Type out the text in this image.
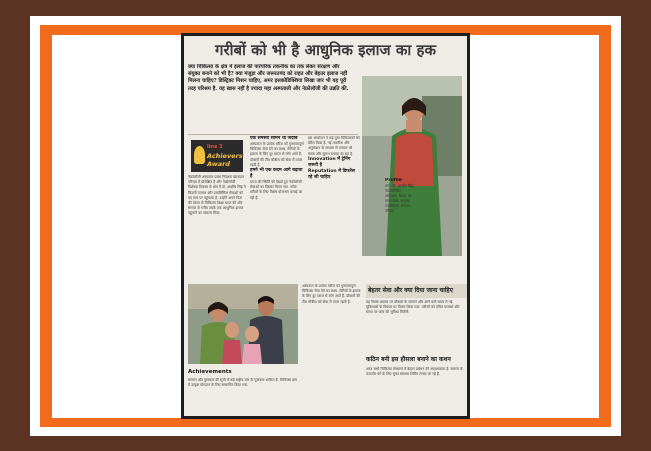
गरीबों को भी है आधुनिक इलाज का हक
क्या चिकित्सा के क्षेत्र में इलाज की पारंपरिक तकनीक का तक लेकर संरक्षण और संयुक्त बनाने को भी है? क्या मंजुड़ा और जरूरतमंद को राहत और बेहतर इलाज नहीं मिलना चाहिए? डिस्ट्रिक्ट मिशन चाहिए, अमर इसकोडिक्शिया लिखा जार भी यह पूरी तरह परिश्रम है. यह खास नहीं है ज्यादा महा अस्पताली और नेफ्रोलॉजी की उन्नति की.
line 3
Achievers'
Award
नेफ्रोलॉजी अस्पताल प्रबंध निदेशक खानदान परिचय में प्रशिक्षित हैं और नेफ्रोलॉजी विशेषज्ञ विकास के क्षेत्र में डॉ. आशीष सिंह ने किडनी उपचार और डायलिसिस सेवाओं को नए स्तर पर पहुंचाया है. उन्होंने अपने पिता की प्रेरणा से चिकित्सा शिक्षा प्राप्त की और समाज के गरीब तबके तक आधुनिक इलाज पहुंचाने का संकल्प लिया.
एक समस्या सामने थी जवाब
अस्पताल के प्रत्येक मरीज को गुणवत्तापूर्ण चिकित्सा सेवा देने का लक्ष्य. रोगियों के इलाज के लिए दूर दराज से लोग आते हैं. डॉक्टरों की टीम चौबीस घंटे सेवा में तत्पर रहती है.
हमने भी एक कदम आगे बढ़ाया है
राज्य की स्थिति को देखते हुए नेफ्रोलॉजी सेवाओं का विस्तार किया गया. गरीब मरीजों के लिए विशेष योजनाएं चलाई जा रही हैं.
इस आयोजन ने कई युवा चिकित्सकों को प्रेरित किया है. नई तकनीक और अनुसंधान के माध्यम से उपचार को सस्ता और सुलभ बनाया जा रहा है.
Innovation में ट्रेनिंग जरूरी है
Reputation में डिफरेंस रहे जी चाहिए
Profile
नाम: डॉ. आशीष सिंह, नेफ्रोलॉजिस्ट, अस्पताल, शिक्षा, डॉ. राममनोहर, अनुभव, उपलब्धियां, सम्मान, परिवार
बेहतर सेवा और क्या दिया जाना चाहिए
यह विशेष अवसर पर डॉक्टरों के सम्मान और आने वाले समय में नई सुविधाओं के विस्तार पर विचार किया गया. मरीजों को उचित परामर्श और समय पर जांच की सुविधा मिलेगी.
कठिन बनी इस हौसला बनाने का कथन
आज सभी चिकित्सा संस्थानों में बेहतर प्रबंधन की आवश्यकता है. समाज के कमजोर वर्ग के लिए मुफ्त स्वास्थ्य शिविर लगाए जा रहे हैं.
Achievements
सम्मान और पुरस्कार की सूची में कई राष्ट्रीय स्तर के पुरस्कार शामिल हैं. चिकित्सा क्षेत्र में उत्कृष्ट योगदान के लिए सम्मानित किया गया.
अस्पताल के प्रत्येक मरीज को गुणवत्तापूर्ण चिकित्सा सेवा देने का लक्ष्य. रोगियों के इलाज के लिए दूर दराज से लोग आते हैं. डॉक्टरों की टीम चौबीस घंटे सेवा में तत्पर रहती है.
